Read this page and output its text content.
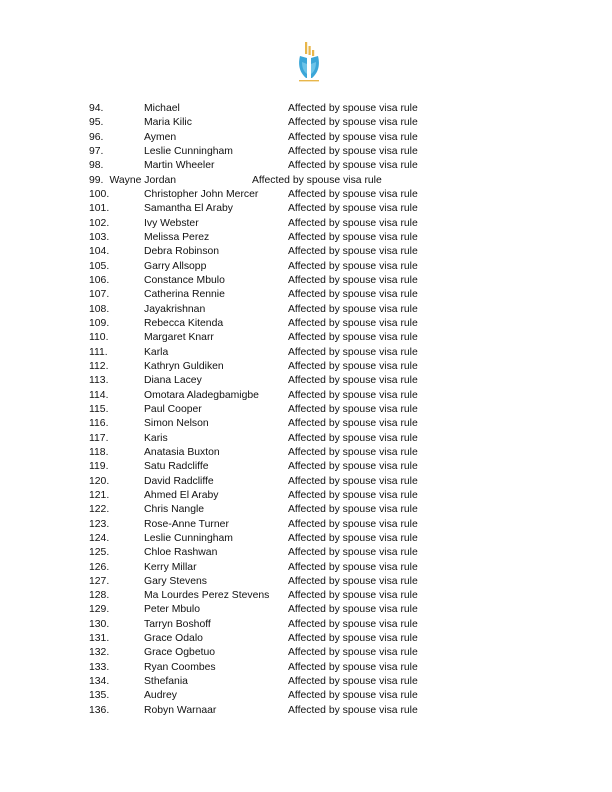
94.	Michael	Affected by spouse visa rule
95.	Maria Kilic	Affected by spouse visa rule
96.	Aymen	Affected by spouse visa rule
97.	Leslie Cunningham	Affected by spouse visa rule
98.	Martin Wheeler	Affected by spouse visa rule
99. Wayne Jordan	Affected by spouse visa rule
100.	Christopher John Mercer	Affected by spouse visa rule
101.	Samantha El Araby	Affected by spouse visa rule
102.	Ivy Webster	Affected by spouse visa rule
103.	Melissa Perez	Affected by spouse visa rule
104.	Debra Robinson	Affected by spouse visa rule
105.	Garry Allsopp	Affected by spouse visa rule
106.	Constance Mbulo	Affected by spouse visa rule
107.	Catherina Rennie	Affected by spouse visa rule
108.	Jayakrishnan	Affected by spouse visa rule
109.	Rebecca Kitenda	Affected by spouse visa rule
110.	Margaret Knarr	Affected by spouse visa rule
111.	Karla	Affected by spouse visa rule
112.	Kathryn Guldiken	Affected by spouse visa rule
113.	Diana Lacey	Affected by spouse visa rule
114.	Omotara Aladegbamigbe	Affected by spouse visa rule
115.	Paul Cooper	Affected by spouse visa rule
116.	Simon Nelson	Affected by spouse visa rule
117.	Karis	Affected by spouse visa rule
118.	Anatasia Buxton	Affected by spouse visa rule
119.	Satu Radcliffe	Affected by spouse visa rule
120.	David Radcliffe	Affected by spouse visa rule
121.	Ahmed El Araby	Affected by spouse visa rule
122.	Chris Nangle	Affected by spouse visa rule
123.	Rose-Anne Turner	Affected by spouse visa rule
124.	Leslie Cunningham	Affected by spouse visa rule
125.	Chloe Rashwan	Affected by spouse visa rule
126.	Kerry Millar	Affected by spouse visa rule
127.	Gary Stevens	Affected by spouse visa rule
128.	Ma Lourdes Perez Stevens Affected by spouse visa rule
129.	Peter Mbulo	Affected by spouse visa rule
130.	Tarryn Boshoff	Affected by spouse visa rule
131.	Grace Odalo	Affected by spouse visa rule
132.	Grace Ogbetuo	Affected by spouse visa rule
133.	Ryan Coombes	Affected by spouse visa rule
134.	Sthefania	Affected by spouse visa rule
135.	Audrey	Affected by spouse visa rule
136.	Robyn Warnaar	Affected by spouse visa rule
